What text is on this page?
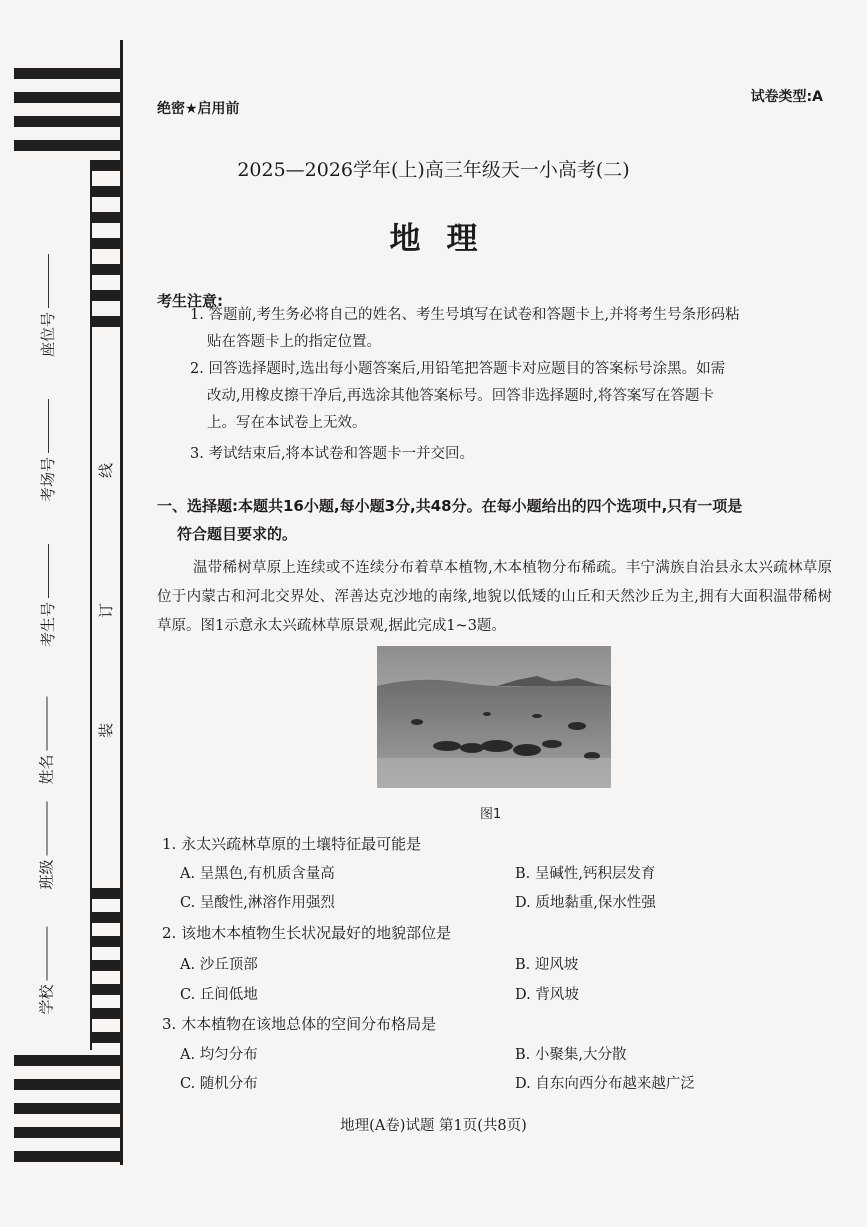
座位号
考场号
考生号
姓名
班级
学校
线
订
装
绝密★启用前
试卷类型:A
2025—2026学年(上)高三年级天一小高考(二)
地理
考生注意:
1. 答题前,考生务必将自己的姓名、考生号填写在试卷和答题卡上,并将考生号条形码粘
贴在答题卡上的指定位置。
2. 回答选择题时,选出每小题答案后,用铅笔把答题卡对应题目的答案标号涂黑。如需
改动,用橡皮擦干净后,再选涂其他答案标号。回答非选择题时,将答案写在答题卡
上。写在本试卷上无效。
3. 考试结束后,将本试卷和答题卡一并交回。
一、选择题:本题共16小题,每小题3分,共48分。在每小题给出的四个选项中,只有一项是
符合题目要求的。
温带稀树草原上连续或不连续分布着草本植物,木本植物分布稀疏。丰宁满族自治县永太兴疏林草原位于内蒙古和河北交界处、浑善达克沙地的南缘,地貌以低矮的山丘和天然沙丘为主,拥有大面积温带稀树草原。图1示意永太兴疏林草原景观,据此完成1~3题。
图1
1. 永太兴疏林草原的土壤特征最可能是
A. 呈黑色,有机质含量高	B. 呈碱性,钙积层发育
C. 呈酸性,淋溶作用强烈	D. 质地黏重,保水性强
2. 该地木本植物生长状况最好的地貌部位是
A. 沙丘顶部	B. 迎风坡
C. 丘间低地	D. 背风坡
3. 木本植物在该地总体的空间分布格局是
A. 均匀分布	B. 小聚集,大分散
C. 随机分布	D. 自东向西分布越来越广泛
地理(A卷)试题 第1页(共8页)
